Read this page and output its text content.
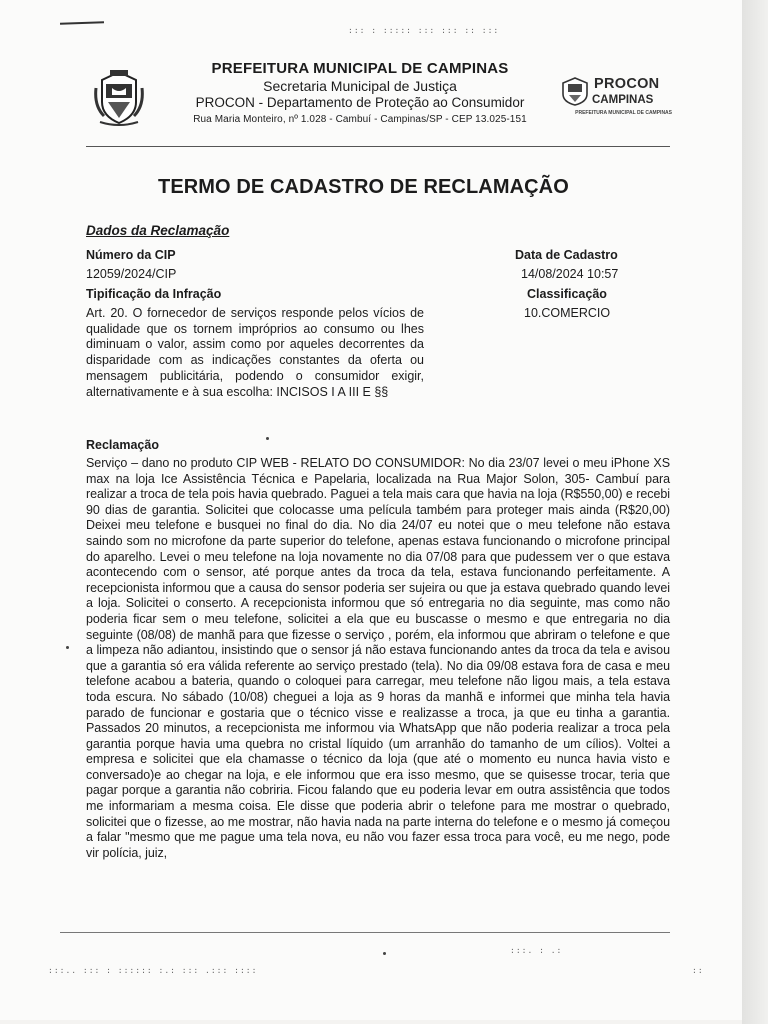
::: : ::::: ::: ::: :: :::
PREFEITURA MUNICIPAL DE CAMPINAS
Secretaria Municipal de Justiça
PROCON - Departamento de Proteção ao Consumidor
Rua Maria Monteiro, nº 1.028 - Cambuí - Campinas/SP - CEP 13.025-151
PROCON
CAMPINAS
PREFEITURA MUNICIPAL DE CAMPINAS
TERMO DE CADASTRO DE RECLAMAÇÃO
Dados da Reclamação
Número da CIP
12059/2024/CIP
Data de Cadastro
14/08/2024 10:57
Tipificação da Infração	Classificação
10.COMERCIO
Art. 20. O fornecedor de serviços responde pelos vícios de qualidade que os tornem impróprios ao consumo ou lhes diminuam o valor, assim como por aqueles decorrentes da disparidade com as indicações constantes da oferta ou mensagem publicitária, podendo o consumidor exigir, alternativamente e à sua escolha: INCISOS I A III E §§
Reclamação
Serviço – dano no produto CIP WEB - RELATO DO CONSUMIDOR: No dia 23/07 levei o meu iPhone XS max na loja Ice Assistência Técnica e Papelaria, localizada na Rua Major Solon, 305- Cambuí para realizar a troca de tela pois havia quebrado. Paguei a tela mais cara que havia na loja (R$550,00) e recebi 90 dias de garantia. Solicitei que colocasse uma película também para proteger mais ainda (R$20,00) Deixei meu telefone e busquei no final do dia. No dia 24/07 eu notei que o meu telefone não estava saindo som no microfone da parte superior do telefone, apenas estava funcionando o microfone principal do aparelho. Levei o meu telefone na loja novamente no dia 07/08 para que pudessem ver o que estava acontecendo com o sensor, até porque antes da troca da tela, estava funcionando perfeitamente. A recepcionista informou que a causa do sensor poderia ser sujeira ou que ja estava quebrado quando levei a loja. Solicitei o conserto. A recepcionista informou que só entregaria no dia seguinte, mas como não poderia ficar sem o meu telefone, solicitei a ela que eu buscasse o mesmo e que entregaria no dia seguinte (08/08) de manhã para que fizesse o serviço , porém, ela informou que abriram o telefone e que a limpeza não adiantou, insistindo que o sensor já não estava funcionando antes da troca da tela e avisou que a garantia só era válida referente ao serviço prestado (tela). No dia 09/08 estava fora de casa e meu telefone acabou a bateria, quando o coloquei para carregar, meu telefone não ligou mais, a tela estava toda escura. No sábado (10/08) cheguei a loja as 9 horas da manhã e informei que minha tela havia parado de funcionar e gostaria que o técnico visse e realizasse a troca, ja que eu tinha a garantia. Passados 20 minutos, a recepcionista me informou via WhatsApp que não poderia realizar a troca pela garantia porque havia uma quebra no cristal líquido (um arranhão do tamanho de um cílios). Voltei a empresa e solicitei que ela chamasse o técnico da loja (que até o momento eu nunca havia visto e conversado)e ao chegar na loja, e ele informou que era isso mesmo, que se quisesse trocar, teria que pagar porque a garantia não cobriria. Ficou falando que eu poderia levar em outra assistência que todos me informariam a mesma coisa. Ele disse que poderia abrir o telefone para me mostrar o quebrado, solicitei que o fizesse, ao me mostrar, não havia nada na parte interna do telefone e o mesmo já começou a falar "mesmo que me pague uma tela nova, eu não vou fazer essa troca para você, eu me nego, pode vir polícia, juiz,
:::. : .:
:::.. ::: : :::::: :.: ::: .::: ::::	::
